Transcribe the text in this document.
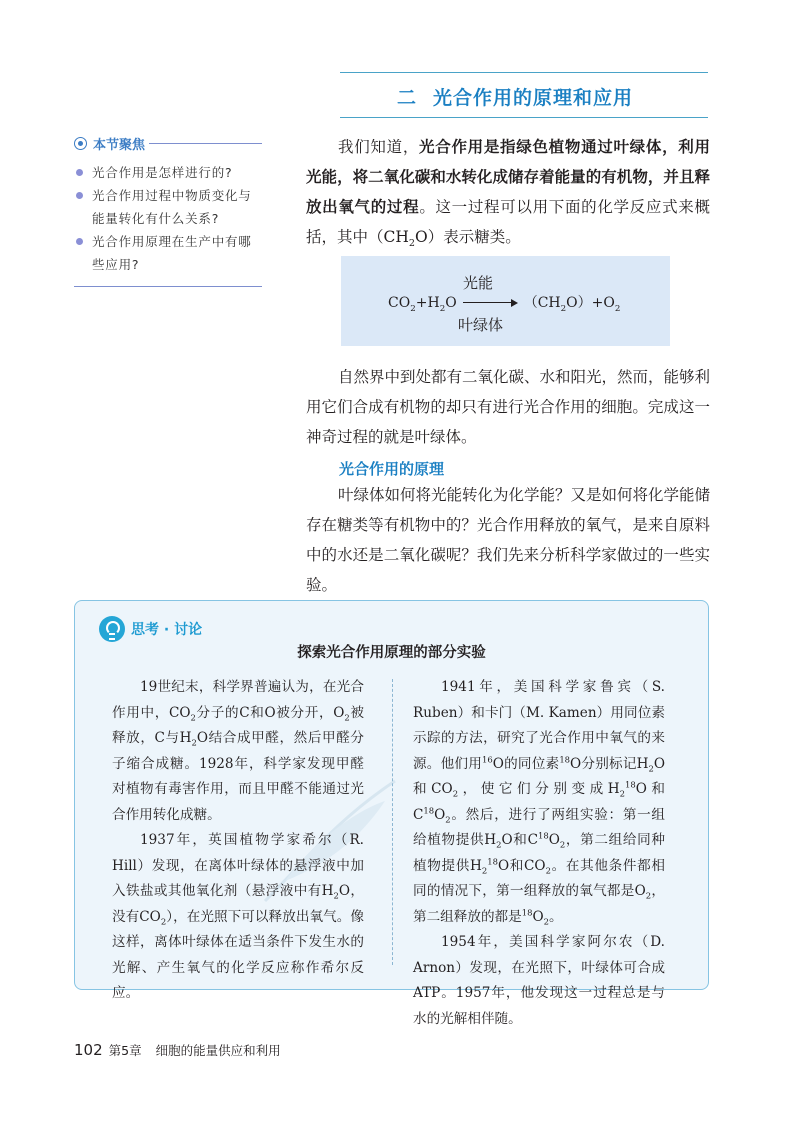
二 光合作用的原理和应用
本节聚焦
光合作用是怎样进行的?
光合作用过程中物质变化与能量转化有什么关系?
光合作用原理在生产中有哪些应用?
我们知道，光合作用是指绿色植物通过叶绿体，利用光能，将二氧化碳和水转化成储存着能量的有机物，并且释放出氧气的过程。这一过程可以用下面的化学反应式来概括，其中$(CH_2O)$表示糖类。
光能
$CO_2+H_2O$	$(CH_2O)+O_2$
叶绿体
自然界中到处都有二氧化碳、水和阳光，然而，能够利用它们合成有机物的却只有进行光合作用的细胞。完成这一神奇过程的就是叶绿体。
光合作用的原理
叶绿体如何将光能转化为化学能？又是如何将化学能储存在糖类等有机物中的？光合作用释放的氧气，是来自原料中的水还是二氧化碳呢？我们先来分析科学家做过的一些实验。
思考 · 讨论
探索光合作用原理的部分实验

19世纪末，科学界普遍认为，在光合作用中，$CO_2$分子的C和O被分开，$O_2$被释放，C与$H_2O$结合成甲醛，然后甲醛分子缩合成糖。1928年，科学家发现甲醛对植物有毒害作用，而且甲醛不能通过光合作用转化成糖。

1937年，英国植物学家希尔（R. Hill）发现，在离体叶绿体的悬浮液中加入铁盐或其他氧化剂（悬浮液中有$H_2O$，没有$CO_2$），在光照下可以释放出氧气。像这样，离体叶绿体在适当条件下发生水的光解、产生氧气的化学反应称作希尔反应。

1941年，美国科学家鲁宾（S. Ruben）和卡门（M. Kamen）用同位素示踪的方法，研究了光合作用中氧气的来源。他们用$^{16}$O的同位素$^{18}$O分别标记$H_2O$和$CO_2$，使它们分别变成$H_2^{18}O$和$C^{18}O_2$。然后，进行了两组实验：第一组给植物提供$H_2O$和$C^{18}O_2$，第二组给同种植物提供$H_2^{18}O$和$CO_2$。在其他条件都相同的情况下，第一组释放的氧气都是$O_2$，第二组释放的都是$^{18}O_2$。

1954年，美国科学家阿尔农（D. Arnon）发现，在光照下，叶绿体可合成ATP。1957年，他发现这一过程总是与水的光解相伴随。

102 第5章 细胞的能量供应和利用
